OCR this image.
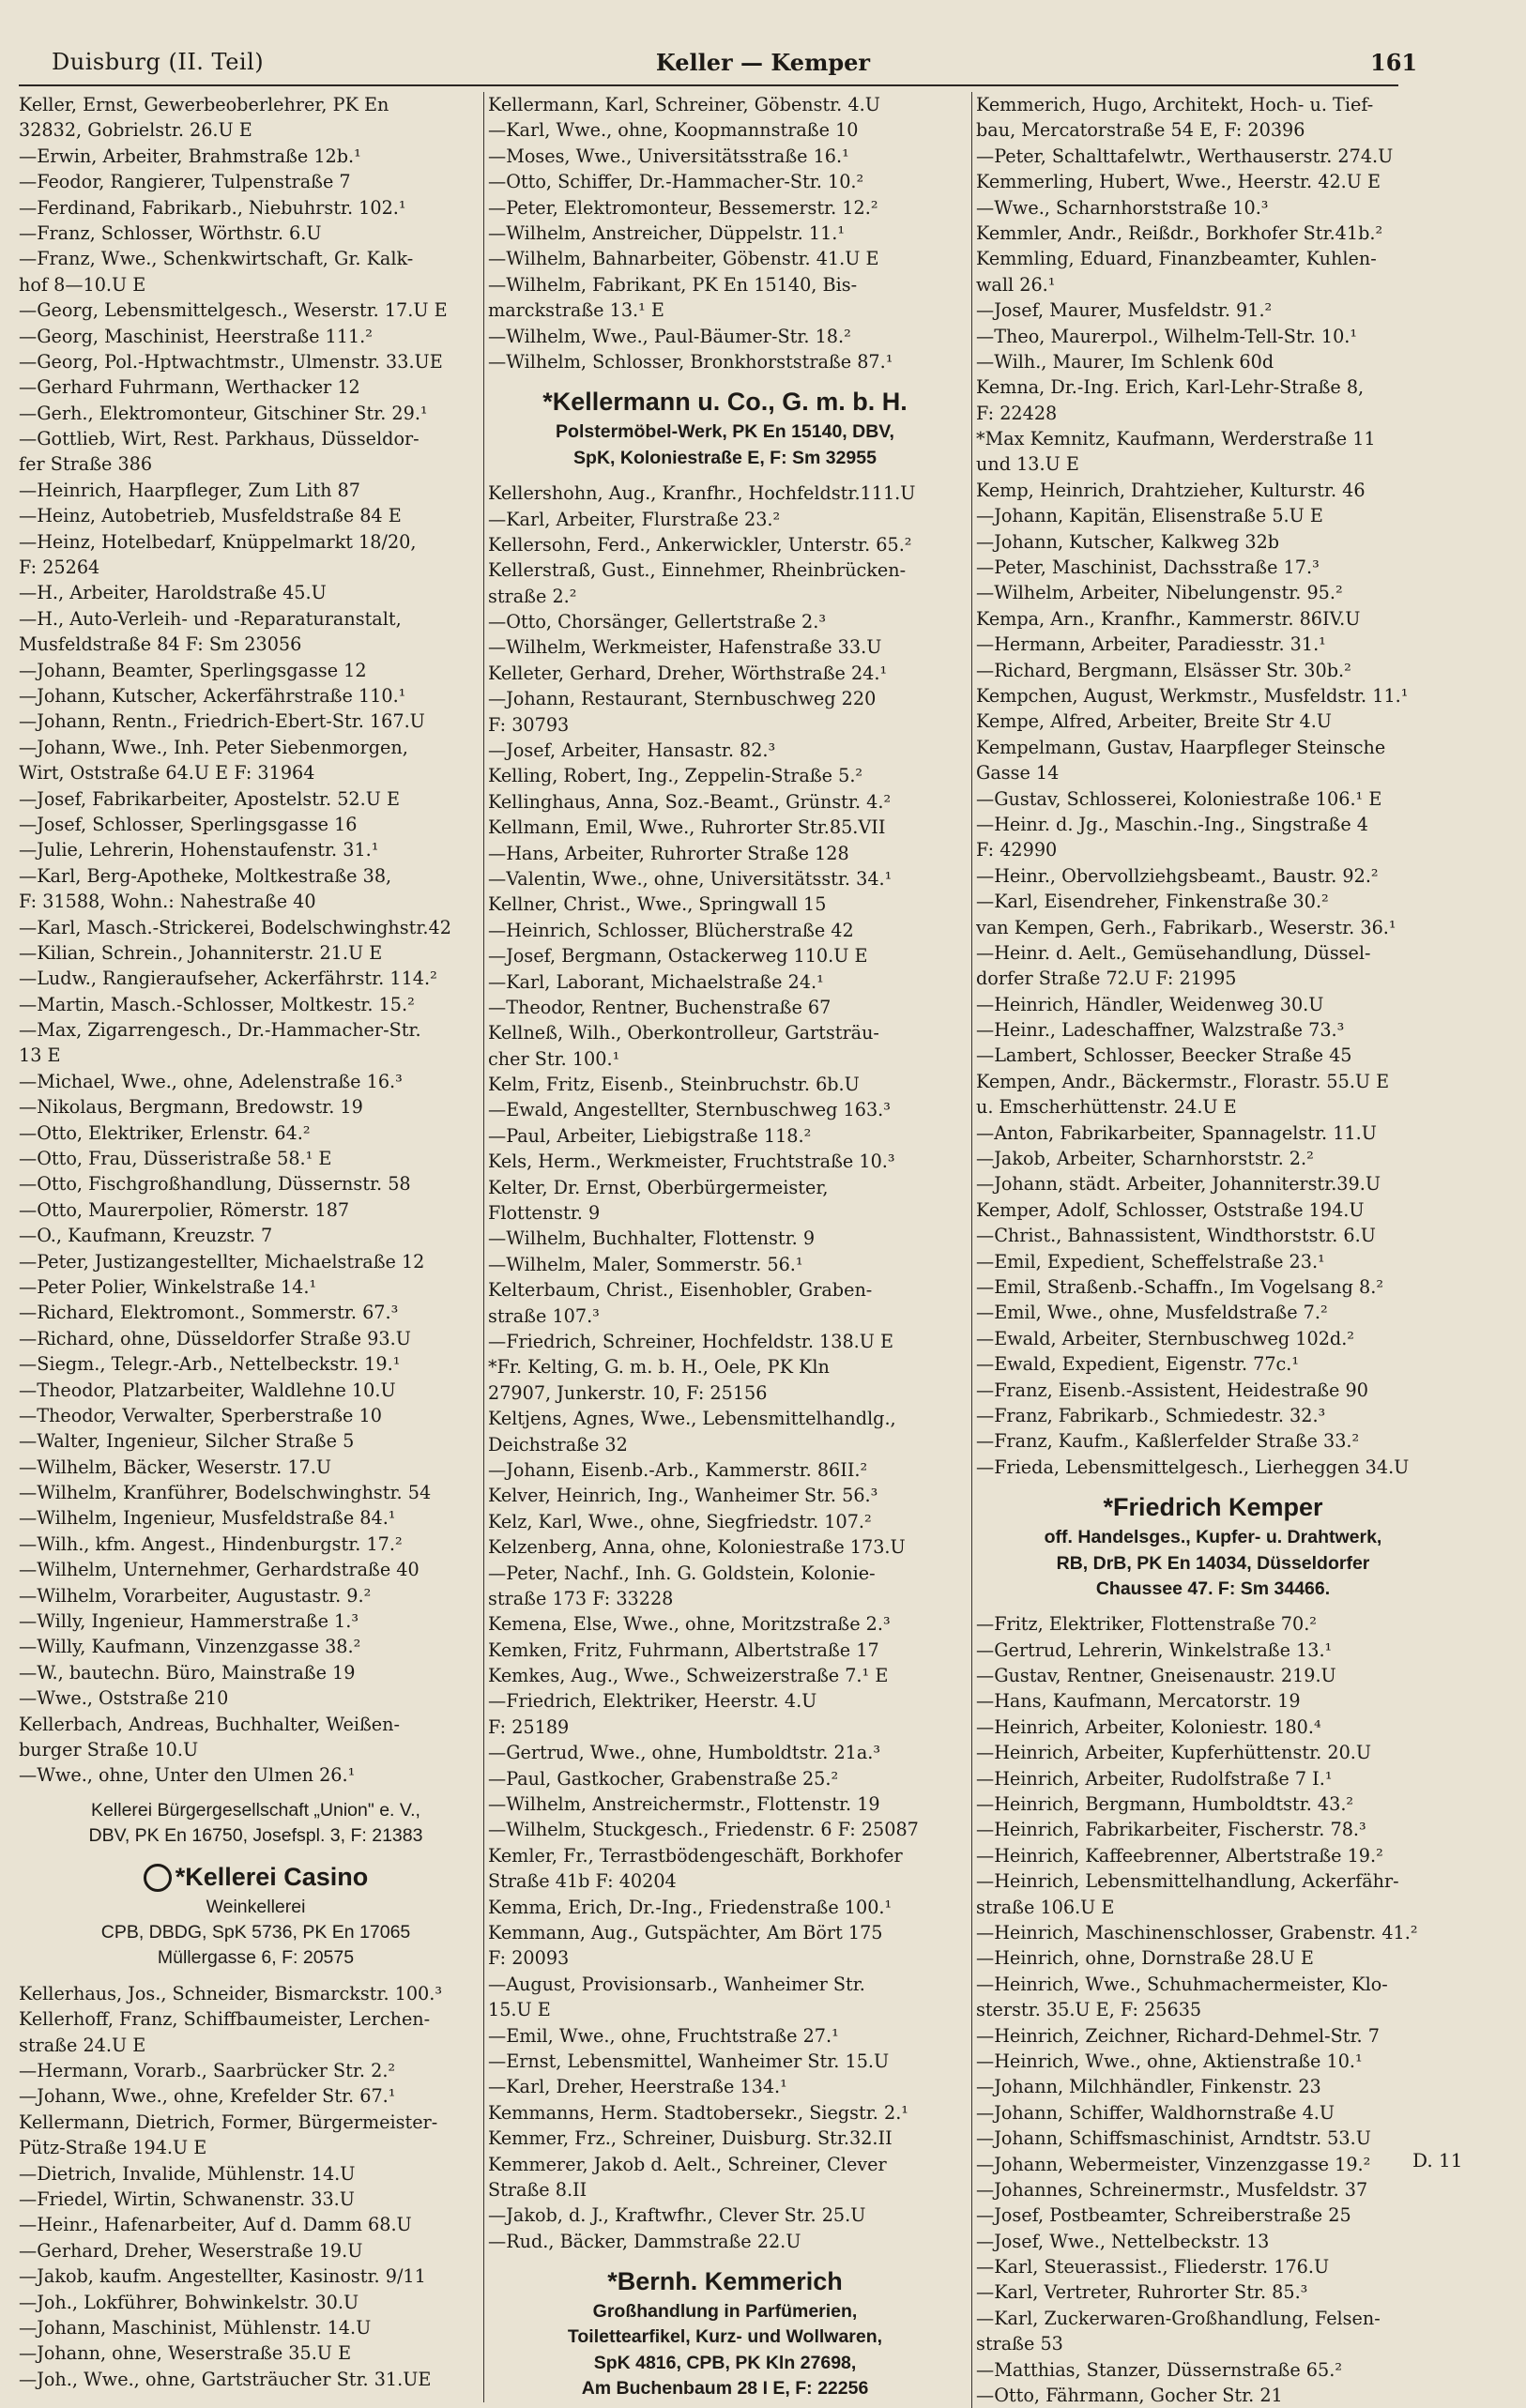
Duisburg (II. Teil)	Keller — Kemper	161
Keller, Ernst, Gewerbeoberlehrer, PK En
32832, Gobrielstr. 26.U E
—Erwin, Arbeiter, Brahmstraße 12b.¹
—Feodor, Rangierer, Tulpenstraße 7
—Ferdinand, Fabrikarb., Niebuhrstr. 102.¹
—Franz, Schlosser, Wörthstr. 6.U
—Franz, Wwe., Schenkwirtschaft, Gr. Kalk-
hof 8—10.U E
—Georg, Lebensmittelgesch., Weserstr. 17.U E
—Georg, Maschinist, Heerstraße 111.²
—Georg, Pol.-Hptwachtmstr., Ulmenstr. 33.UE
—Gerhard Fuhrmann, Werthacker 12
—Gerh., Elektromonteur, Gitschiner Str. 29.¹
—Gottlieb, Wirt, Rest. Parkhaus, Düsseldor-
fer Straße 386
—Heinrich, Haarpfleger, Zum Lith 87
—Heinz, Autobetrieb, Musfeldstraße 84 E
—Heinz, Hotelbedarf, Knüppelmarkt 18/20,
F: 25264
—H., Arbeiter, Haroldstraße 45.U
—H., Auto-Verleih- und -Reparaturanstalt,
Musfeldstraße 84 F: Sm 23056
—Johann, Beamter, Sperlingsgasse 12
—Johann, Kutscher, Ackerfährstraße 110.¹
—Johann, Rentn., Friedrich-Ebert-Str. 167.U
—Johann, Wwe., Inh. Peter Siebenmorgen,
Wirt, Oststraße 64.U E F: 31964
—Josef, Fabrikarbeiter, Apostelstr. 52.U E
—Josef, Schlosser, Sperlingsgasse 16
—Julie, Lehrerin, Hohenstaufenstr. 31.¹
—Karl, Berg-Apotheke, Moltkestraße 38,
F: 31588, Wohn.: Nahestraße 40
—Karl, Masch.-Strickerei, Bodelschwinghstr.42
—Kilian, Schrein., Johanniterstr. 21.U E
—Ludw., Rangieraufseher, Ackerfährstr. 114.²
—Martin, Masch.-Schlosser, Moltkestr. 15.²
—Max, Zigarrengesch., Dr.-Hammacher-Str.
13 E
—Michael, Wwe., ohne, Adelenstraße 16.³
—Nikolaus, Bergmann, Bredowstr. 19
—Otto, Elektriker, Erlenstr. 64.²
—Otto, Frau, Düsseristraße 58.¹ E
—Otto, Fischgroßhandlung, Düssernstr. 58
—Otto, Maurerpolier, Römerstr. 187
—O., Kaufmann, Kreuzstr. 7
—Peter, Justizangestellter, Michaelstraße 12
—Peter Polier, Winkelstraße 14.¹
—Richard, Elektromont., Sommerstr. 67.³
—Richard, ohne, Düsseldorfer Straße 93.U
—Siegm., Telegr.-Arb., Nettelbeckstr. 19.¹
—Theodor, Platzarbeiter, Waldlehne 10.U
—Theodor, Verwalter, Sperberstraße 10
—Walter, Ingenieur, Silcher Straße 5
—Wilhelm, Bäcker, Weserstr. 17.U
—Wilhelm, Kranführer, Bodelschwinghstr. 54
—Wilhelm, Ingenieur, Musfeldstraße 84.¹
—Wilh., kfm. Angest., Hindenburgstr. 17.²
—Wilhelm, Unternehmer, Gerhardstraße 40
—Wilhelm, Vorarbeiter, Augustastr. 9.²
—Willy, Ingenieur, Hammerstraße 1.³
—Willy, Kaufmann, Vinzenzgasse 38.²
—W., bautechn. Büro, Mainstraße 19
—Wwe., Oststraße 210
Kellerbach, Andreas, Buchhalter, Weißen-
burger Straße 10.U
—Wwe., ohne, Unter den Ulmen 26.¹
Kellerei Bürgergesellschaft „Union" e. V.,
DBV, PK En 16750, Josefspl. 3, F: 21383
*Kellerei Casino
Weinkellerei
CPB, DBDG, SpK 5736, PK En 17065
Müllergasse 6, F: 20575
Kellerhaus, Jos., Schneider, Bismarckstr. 100.³
Kellerhoff, Franz, Schiffbaumeister, Lerchen-
straße 24.U E
—Hermann, Vorarb., Saarbrücker Str. 2.²
—Johann, Wwe., ohne, Krefelder Str. 67.¹
Kellermann, Dietrich, Former, Bürgermeister-
Pütz-Straße 194.U E
—Dietrich, Invalide, Mühlenstr. 14.U
—Friedel, Wirtin, Schwanenstr. 33.U
—Heinr., Hafenarbeiter, Auf d. Damm 68.U
—Gerhard, Dreher, Weserstraße 19.U
—Jakob, kaufm. Angestellter, Kasinostr. 9/11
—Joh., Lokführer, Bohwinkelstr. 30.U
—Johann, Maschinist, Mühlenstr. 14.U
—Johann, ohne, Weserstraße 35.U E
—Joh., Wwe., ohne, Gartsträucher Str. 31.UE
Kellermann, Karl, Schreiner, Göbenstr. 4.U
—Karl, Wwe., ohne, Koopmannstraße 10
—Moses, Wwe., Universitätsstraße 16.¹
—Otto, Schiffer, Dr.-Hammacher-Str. 10.²
—Peter, Elektromonteur, Bessemerstr. 12.²
—Wilhelm, Anstreicher, Düppelstr. 11.¹
—Wilhelm, Bahnarbeiter, Göbenstr. 41.U E
—Wilhelm, Fabrikant, PK En 15140, Bis-
marckstraße 13.¹ E
—Wilhelm, Wwe., Paul-Bäumer-Str. 18.²
—Wilhelm, Schlosser, Bronkhorststraße 87.¹
*Kellermann u. Co., G. m. b. H.
Polstermöbel-Werk, PK En 15140, DBV,
SpK, Koloniestraße E, F: Sm 32955
Kellershohn, Aug., Kranfhr., Hochfeldstr.111.U
—Karl, Arbeiter, Flurstraße 23.²
Kellersohn, Ferd., Ankerwickler, Unterstr. 65.²
Kellerstraß, Gust., Einnehmer, Rheinbrücken-
straße 2.²
—Otto, Chorsänger, Gellertstraße 2.³
—Wilhelm, Werkmeister, Hafenstraße 33.U
Kelleter, Gerhard, Dreher, Wörthstraße 24.¹
—Johann, Restaurant, Sternbuschweg 220
F: 30793
—Josef, Arbeiter, Hansastr. 82.³
Kelling, Robert, Ing., Zeppelin-Straße 5.²
Kellinghaus, Anna, Soz.-Beamt., Grünstr. 4.²
Kellmann, Emil, Wwe., Ruhrorter Str.85.VII
—Hans, Arbeiter, Ruhrorter Straße 128
—Valentin, Wwe., ohne, Universitätsstr. 34.¹
Kellner, Christ., Wwe., Springwall 15
—Heinrich, Schlosser, Blücherstraße 42
—Josef, Bergmann, Ostackerweg 110.U E
—Karl, Laborant, Michaelstraße 24.¹
—Theodor, Rentner, Buchenstraße 67
Kellneß, Wilh., Oberkontrolleur, Gartsträu-
cher Str. 100.¹
Kelm, Fritz, Eisenb., Steinbruchstr. 6b.U
—Ewald, Angestellter, Sternbuschweg 163.³
—Paul, Arbeiter, Liebigstraße 118.²
Kels, Herm., Werkmeister, Fruchtstraße 10.³
Kelter, Dr. Ernst, Oberbürgermeister,
Flottenstr. 9
—Wilhelm, Buchhalter, Flottenstr. 9
—Wilhelm, Maler, Sommerstr. 56.¹
Kelterbaum, Christ., Eisenhobler, Graben-
straße 107.³
—Friedrich, Schreiner, Hochfeldstr. 138.U E
*Fr. Kelting, G. m. b. H., Oele, PK Kln
27907, Junkerstr. 10, F: 25156
Keltjens, Agnes, Wwe., Lebensmittelhandlg.,
Deichstraße 32
—Johann, Eisenb.-Arb., Kammerstr. 86II.²
Kelver, Heinrich, Ing., Wanheimer Str. 56.³
Kelz, Karl, Wwe., ohne, Siegfriedstr. 107.²
Kelzenberg, Anna, ohne, Koloniestraße 173.U
—Peter, Nachf., Inh. G. Goldstein, Kolonie-
straße 173 F: 33228
Kemena, Else, Wwe., ohne, Moritzstraße 2.³
Kemken, Fritz, Fuhrmann, Albertstraße 17
Kemkes, Aug., Wwe., Schweizerstraße 7.¹ E
—Friedrich, Elektriker, Heerstr. 4.U
F: 25189
—Gertrud, Wwe., ohne, Humboldtstr. 21a.³
—Paul, Gastkocher, Grabenstraße 25.²
—Wilhelm, Anstreichermstr., Flottenstr. 19
—Wilhelm, Stuckgesch., Friedenstr. 6 F: 25087
Kemler, Fr., Terrastbödengeschäft, Borkhofer
Straße 41b F: 40204
Kemma, Erich, Dr.-Ing., Friedenstraße 100.¹
Kemmann, Aug., Gutspächter, Am Bört 175
F: 20093
—August, Provisionsarb., Wanheimer Str.
15.U E
—Emil, Wwe., ohne, Fruchtstraße 27.¹
—Ernst, Lebensmittel, Wanheimer Str. 15.U
—Karl, Dreher, Heerstraße 134.¹
Kemmanns, Herm. Stadtobersekr., Siegstr. 2.¹
Kemmer, Frz., Schreiner, Duisburg. Str.32.II
Kemmerer, Jakob d. Aelt., Schreiner, Clever
Straße 8.II
—Jakob, d. J., Kraftwfhr., Clever Str. 25.U
—Rud., Bäcker, Dammstraße 22.U
*Bernh. Kemmerich
Großhandlung in Parfümerien,
Toilettearfikel, Kurz- und Wollwaren,
SpK 4816, CPB, PK Kln 27698,
Am Buchenbaum 28 I E, F: 22256
Kemmerich, Hugo, Architekt, Hoch- u. Tief-
bau, Mercatorstraße 54 E, F: 20396
—Peter, Schalttafelwtr., Werthauserstr. 274.U
Kemmerling, Hubert, Wwe., Heerstr. 42.U E
—Wwe., Scharnhorststraße 10.³
Kemmler, Andr., Reißdr., Borkhofer Str.41b.²
Kemmling, Eduard, Finanzbeamter, Kuhlen-
wall 26.¹
—Josef, Maurer, Musfeldstr. 91.²
—Theo, Maurerpol., Wilhelm-Tell-Str. 10.¹
—Wilh., Maurer, Im Schlenk 60d
Kemna, Dr.-Ing. Erich, Karl-Lehr-Straße 8,
F: 22428
*Max Kemnitz, Kaufmann, Werderstraße 11
und 13.U E
Kemp, Heinrich, Drahtzieher, Kulturstr. 46
—Johann, Kapitän, Elisenstraße 5.U E
—Johann, Kutscher, Kalkweg 32b
—Peter, Maschinist, Dachsstraße 17.³
—Wilhelm, Arbeiter, Nibelungenstr. 95.²
Kempa, Arn., Kranfhr., Kammerstr. 86IV.U
—Hermann, Arbeiter, Paradiesstr. 31.¹
—Richard, Bergmann, Elsässer Str. 30b.²
Kempchen, August, Werkmstr., Musfeldstr. 11.¹
Kempe, Alfred, Arbeiter, Breite Str 4.U
Kempelmann, Gustav, Haarpfleger Steinsche
Gasse 14
—Gustav, Schlosserei, Koloniestraße 106.¹ E
—Heinr. d. Jg., Maschin.-Ing., Singstraße 4
F: 42990
—Heinr., Obervollziehgsbeamt., Baustr. 92.²
—Karl, Eisendreher, Finkenstraße 30.²
van Kempen, Gerh., Fabrikarb., Weserstr. 36.¹
—Heinr. d. Aelt., Gemüsehandlung, Düssel-
dorfer Straße 72.U F: 21995
—Heinrich, Händler, Weidenweg 30.U
—Heinr., Ladeschaffner, Walzstraße 73.³
—Lambert, Schlosser, Beecker Straße 45
Kempen, Andr., Bäckermstr., Florastr. 55.U E
u. Emscherhüttenstr. 24.U E
—Anton, Fabrikarbeiter, Spannagelstr. 11.U
—Jakob, Arbeiter, Scharnhorststr. 2.²
—Johann, städt. Arbeiter, Johanniterstr.39.U
Kemper, Adolf, Schlosser, Oststraße 194.U
—Christ., Bahnassistent, Windthorststr. 6.U
—Emil, Expedient, Scheffelstraße 23.¹
—Emil, Straßenb.-Schaffn., Im Vogelsang 8.²
—Emil, Wwe., ohne, Musfeldstraße 7.²
—Ewald, Arbeiter, Sternbuschweg 102d.²
—Ewald, Expedient, Eigenstr. 77c.¹
—Franz, Eisenb.-Assistent, Heidestraße 90
—Franz, Fabrikarb., Schmiedestr. 32.³
—Franz, Kaufm., Kaßlerfelder Straße 33.²
—Frieda, Lebensmittelgesch., Lierheggen 34.U
*Friedrich Kemper
off. Handelsges., Kupfer- u. Drahtwerk,
RB, DrB, PK En 14034, Düsseldorfer
Chaussee 47. F: Sm 34466.
—Fritz, Elektriker, Flottenstraße 70.²
—Gertrud, Lehrerin, Winkelstraße 13.¹
—Gustav, Rentner, Gneisenaustr. 219.U
—Hans, Kaufmann, Mercatorstr. 19
—Heinrich, Arbeiter, Koloniestr. 180.⁴
—Heinrich, Arbeiter, Kupferhüttenstr. 20.U
—Heinrich, Arbeiter, Rudolfstraße 7 I.¹
—Heinrich, Bergmann, Humboldtstr. 43.²
—Heinrich, Fabrikarbeiter, Fischerstr. 78.³
—Heinrich, Kaffeebrenner, Albertstraße 19.²
—Heinrich, Lebensmittelhandlung, Ackerfähr-
straße 106.U E
—Heinrich, Maschinenschlosser, Grabenstr. 41.²
—Heinrich, ohne, Dornstraße 28.U E
—Heinrich, Wwe., Schuhmachermeister, Klo-
sterstr. 35.U E, F: 25635
—Heinrich, Zeichner, Richard-Dehmel-Str. 7
—Heinrich, Wwe., ohne, Aktienstraße 10.¹
—Johann, Milchhändler, Finkenstr. 23
—Johann, Schiffer, Waldhornstraße 4.U
—Johann, Schiffsmaschinist, Arndtstr. 53.U
—Johann, Webermeister, Vinzenzgasse 19.²
—Johannes, Schreinermstr., Musfeldstr. 37
—Josef, Postbeamter, Schreiberstraße 25
—Josef, Wwe., Nettelbeckstr. 13
—Karl, Steuerassist., Fliederstr. 176.U
—Karl, Vertreter, Ruhrorter Str. 85.³
—Karl, Zuckerwaren-Großhandlung, Felsen-
straße 53
—Matthias, Stanzer, Düssernstraße 65.²
—Otto, Fährmann, Gocher Str. 21
D. 11
